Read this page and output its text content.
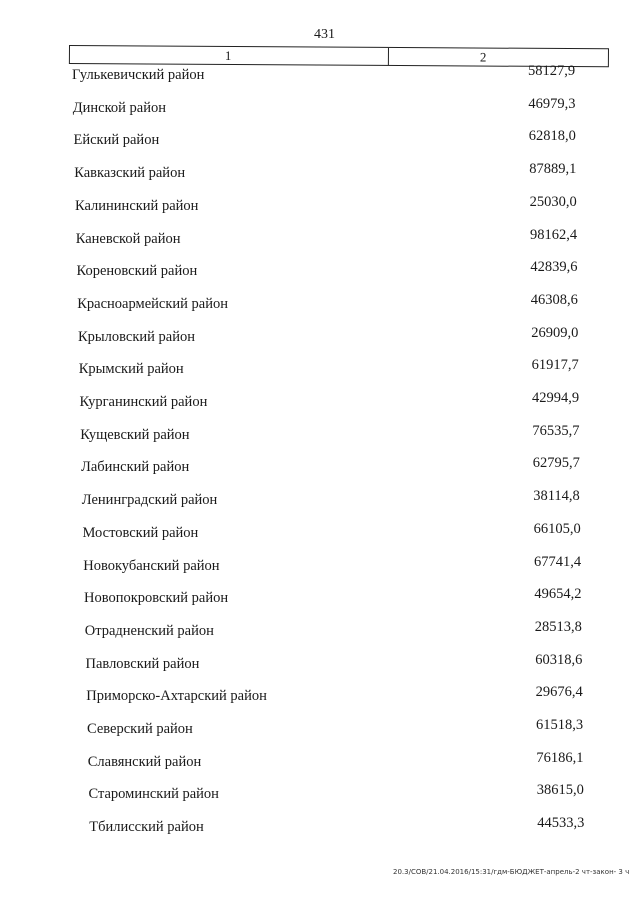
431
1	2
Гулькевичский район	58127,9
Динской район	46979,3
Ейский район	62818,0
Кавказский район	87889,1
Калининский район	25030,0
Каневской район	98162,4
Кореновский район	42839,6
Красноармейский район	46308,6
Крыловский район	26909,0
Крымский район	61917,7
Курганинский район	42994,9
Кущевский район	76535,7
Лабинский район	62795,7
Ленинградский район	38114,8
Мостовский район	66105,0
Новокубанский район	67741,4
Новопокровский район	49654,2
Отрадненский район	28513,8
Павловский район	60318,6
Приморско-Ахтарский район	29676,4
Северский район	61518,3
Славянский район	76186,1
Староминский район	38615,0
Тбилисский район	44533,3
20.3/СОВ/21.04.2016/15:31/гдм-БЮДЖЕТ-апрель-2 чт-закон- 3 ч
